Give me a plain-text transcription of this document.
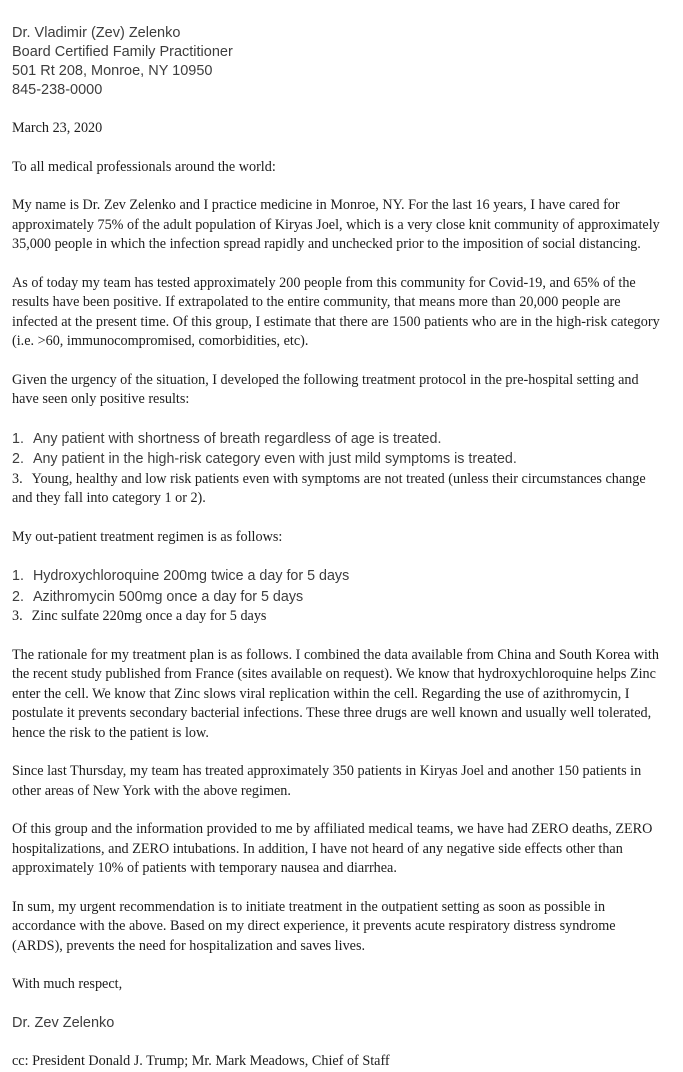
Dr. Vladimir (Zev) Zelenko
Board Certified Family Practitioner
501 Rt 208, Monroe, NY 10950
845-238-0000
March 23, 2020
To all medical professionals around the world:

My name is Dr. Zev Zelenko and I practice medicine in Monroe, NY. For the last 16 years, I have cared for approximately 75% of the adult population of Kiryas Joel, which is a very close knit community of approximately 35,000 people in which the infection spread rapidly and unchecked prior to the imposition of social distancing.

As of today my team has tested approximately 200 people from this community for Covid-19, and 65% of the results have been positive. If extrapolated to the entire community, that means more than 20,000 people are infected at the present time. Of this group, I estimate that there are 1500 patients who are in the high-risk category (i.e. >60, immunocompromised, comorbidities, etc).

Given the urgency of the situation, I developed the following treatment protocol in the pre-hospital setting and have seen only positive results:

1. Any patient with shortness of breath regardless of age is treated.
2. Any patient in the high-risk category even with just mild symptoms is treated.
3. Young, healthy and low risk patients even with symptoms are not treated (unless their circumstances change and they fall into category 1 or 2).

My out-patient treatment regimen is as follows:

1. Hydroxychloroquine 200mg twice a day for 5 days
2. Azithromycin 500mg once a day for 5 days
3. Zinc sulfate 220mg once a day for 5 days

The rationale for my treatment plan is as follows. I combined the data available from China and South Korea with the recent study published from France (sites available on request). We know that hydroxychloroquine helps Zinc enter the cell. We know that Zinc slows viral replication within the cell. Regarding the use of azithromycin, I postulate it prevents secondary bacterial infections. These three drugs are well known and usually well tolerated, hence the risk to the patient is low.

Since last Thursday, my team has treated approximately 350 patients in Kiryas Joel and another 150 patients in other areas of New York with the above regimen.

Of this group and the information provided to me by affiliated medical teams, we have had ZERO deaths, ZERO hospitalizations, and ZERO intubations. In addition, I have not heard of any negative side effects other than approximately 10% of patients with temporary nausea and diarrhea.

In sum, my urgent recommendation is to initiate treatment in the outpatient setting as soon as possible in accordance with the above. Based on my direct experience, it prevents acute respiratory distress syndrome (ARDS), prevents the need for hospitalization and saves lives.

With much respect,
Dr. Zev Zelenko
cc: President Donald J. Trump; Mr. Mark Meadows, Chief of Staff
